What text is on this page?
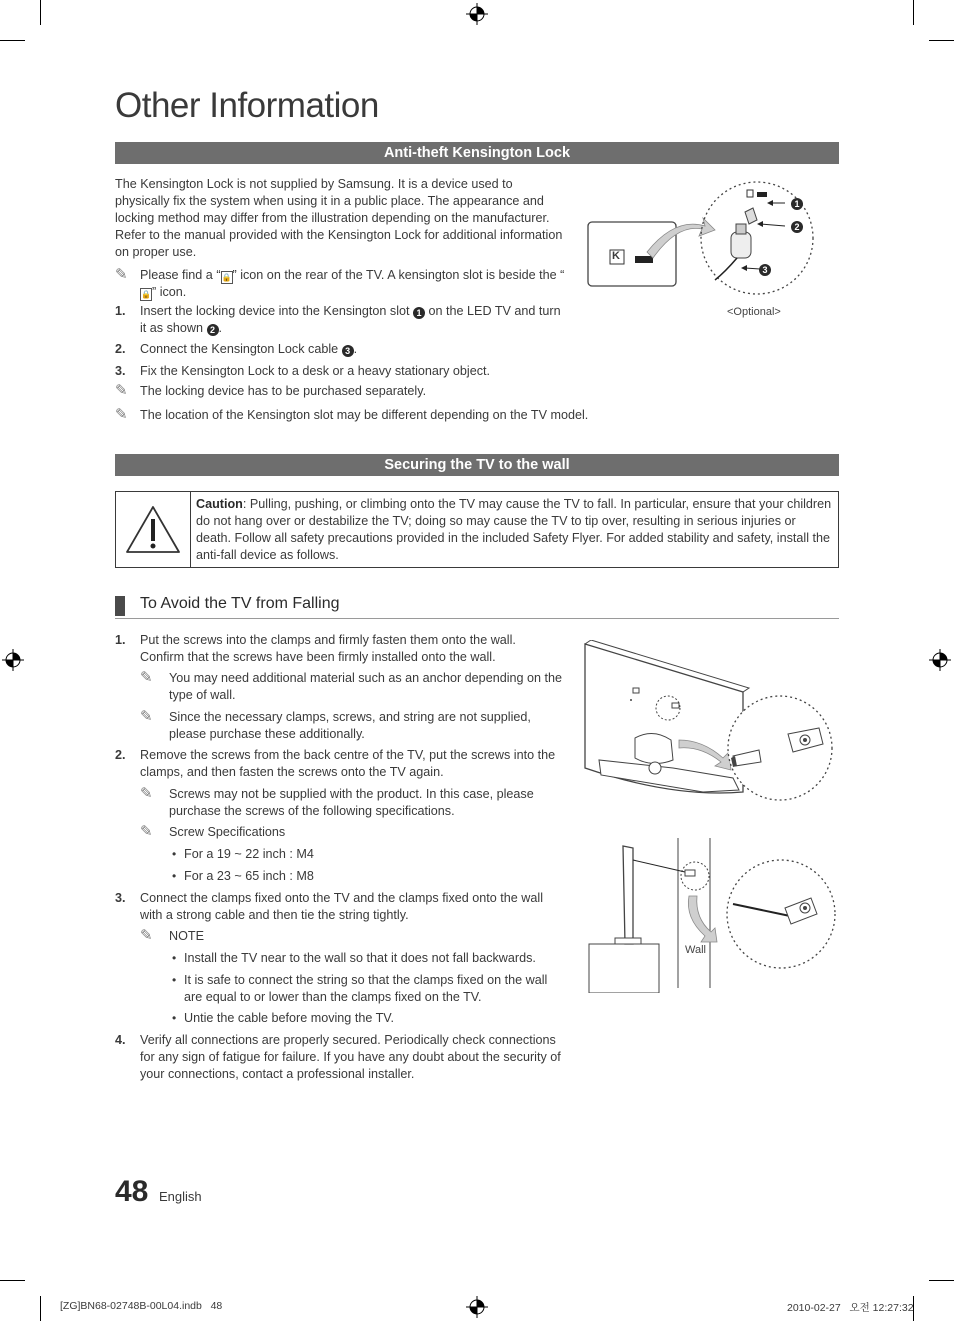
Other Information
Anti-theft Kensington Lock
The Kensington Lock is not supplied by Samsung. It is a device used to physically fix the system when using it in a public place. The appearance and locking method may differ from the illustration depending on the manufacturer. Refer to the manual provided with the Kensington Lock for additional information on proper use.
✎ Please find a “🔒” icon on the rear of the TV. A kensington slot is beside the “🔒” icon.
1.	Insert the locking device into the Kensington slot 1 on the LED TV and turn it as shown 2 .
2.	Connect the Kensington Lock cable 3 .
3.	Fix the Kensington Lock to a desk or a heavy stationary object.
✎ The locking device has to be purchased separately.
✎ The location of the Kensington slot may be different depending on the TV model.
K
1
2
3
<Optional>
Securing the TV to the wall
Caution: Pulling, pushing, or climbing onto the TV may cause the TV to fall. In particular, ensure that your children do not hang over or destabilize the TV; doing so may cause the TV to tip over, resulting in serious injuries or death. Follow all safety precautions provided in the included Safety Flyer. For added stability and safety, install the anti-fall device as follows.
To Avoid the TV from Falling
1.	Put the screws into the clamps and firmly fasten them onto the wall. Confirm that the screws have been firmly installed onto the wall.
✎ You may need additional material such as an anchor depending on the type of wall.
✎ Since the necessary clamps, screws, and string are not supplied, please purchase these additionally.
2.	Remove the screws from the back centre of the TV, put the screws into the clamps, and then fasten the screws onto the TV again.
✎ Screws may not be supplied with the product. In this case, please purchase the screws of the following specifications.
✎ Screw Specifications
• For a 19 ~ 22 inch : M4
• For a 23 ~ 65 inch : M8
3.	Connect the clamps fixed onto the TV and the clamps fixed onto the wall with a strong cable and then tie the string tightly.
✎ NOTE
• Install the TV near to the wall so that it does not fall backwards.
• It is safe to connect the string so that the clamps fixed on the wall are equal to or lower than the clamps fixed on the TV.
• Untie the cable before moving the TV.
4.	Verify all connections are properly secured. Periodically check connections for any sign of fatigue for failure. If you have any doubt about the security of your connections, contact a professional installer.
Wall
48 English
[ZG]BN68-02748B-00L04.indb   48	2010-02-27   오전 12:27:32
